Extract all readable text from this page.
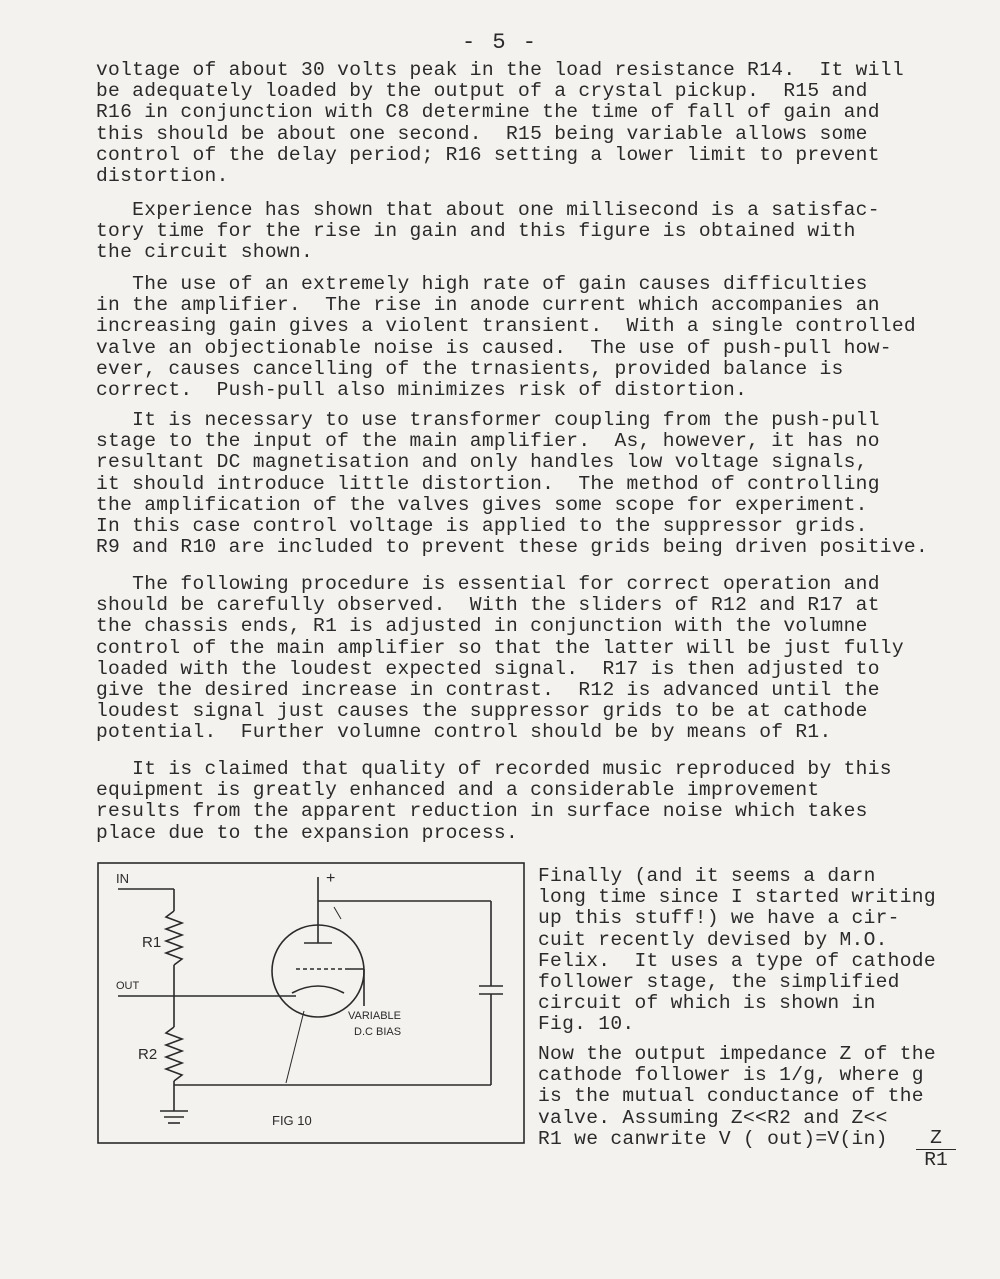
- 5 -

voltage of about 30 volts peak in the load resistance R14.  It will
be adequately loaded by the output of a crystal pickup.  R15 and
R16 in conjunction with C8 determine the time of fall of gain and
this should be about one second.  R15 being variable allows some
control of the delay period; R16 setting a lower limit to prevent
distortion.

Experience has shown that about one millisecond is a satisfac-
tory time for the rise in gain and this figure is obtained with
the circuit shown.

The use of an extremely high rate of gain causes difficulties
in the amplifier.  The rise in anode current which accompanies an
increasing gain gives a violent transient.  With a single controlled
valve an objectionable noise is caused.  The use of push-pull how-
ever, causes cancelling of the trnasients, provided balance is
correct.  Push-pull also minimizes risk of distortion.

It is necessary to use transformer coupling from the push-pull
stage to the input of the main amplifier.  As, however, it has no
resultant DC magnetisation and only handles low voltage signals,
it should introduce little distortion.  The method of controlling
the amplification of the valves gives some scope for experiment.
In this case control voltage is applied to the suppressor grids.
R9 and R10 are included to prevent these grids being driven positive.

The following procedure is essential for correct operation and
should be carefully observed.  With the sliders of R12 and R17 at
the chassis ends, R1 is adjusted in conjunction with the volumne
control of the main amplifier so that the latter will be just fully
loaded with the loudest expected signal.  R17 is then adjusted to
give the desired increase in contrast.  R12 is advanced until the
loudest signal just causes the suppressor grids to be at cathode
potential.  Further volumne control should be by means of R1.

It is claimed that quality of recorded music reproduced by this
equipment is greatly enhanced and a considerable improvement
results from the apparent reduction in surface noise which takes
place due to the expansion process.

IN	+
R1
OUT
R2
VARIABLE
D.C BIAS
FIG 10

Finally (and it seems a darn
long time since I started writing
up this stuff!) we have a cir-
cuit recently devised by M.O.
Felix.  It uses a type of cathode
follower stage, the simplified
circuit of which is shown in
Fig. 10.

Now the output impedance Z of the
cathode follower is 1/g, where g
is the mutual conductance of the
valve. Assuming Z<<R2 and Z<<
R1 we canwrite V ( out)=V(in)	$\frac{Z}{R1}$
